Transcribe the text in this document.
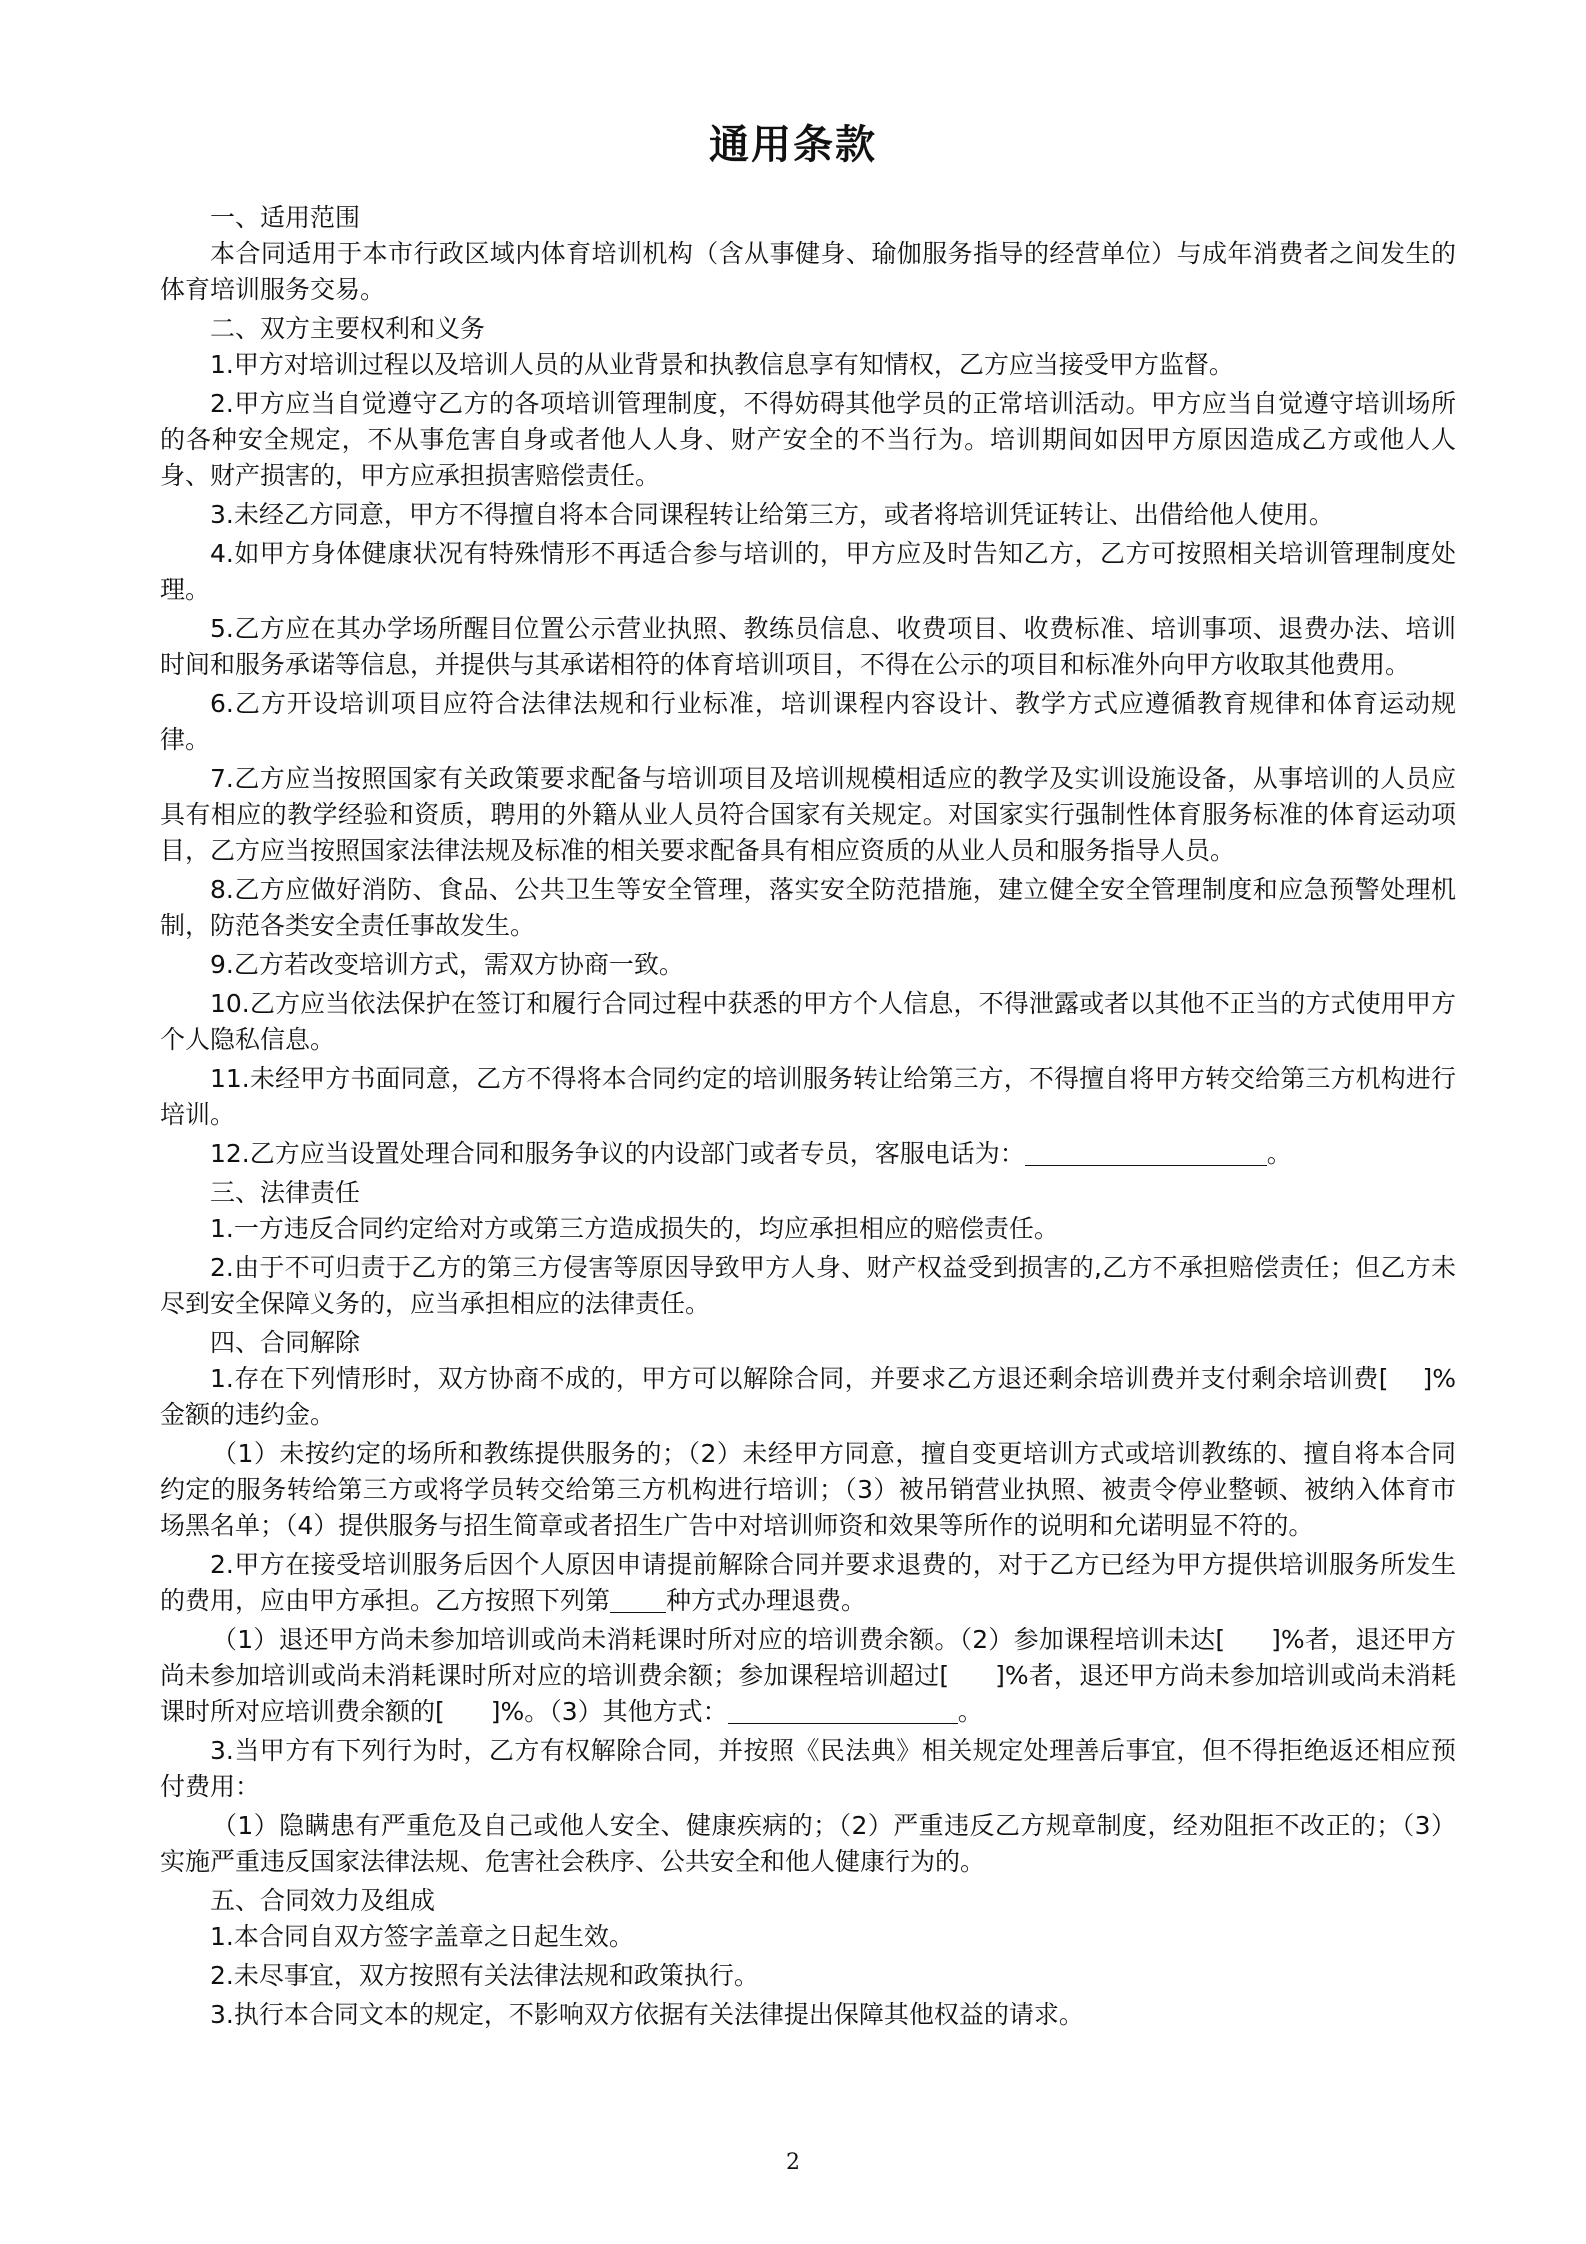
通用条款

一、适用范围

本合同适用于本市行政区域内体育培训机构（含从事健身、瑜伽服务指导的经营单位）与成年消费者之间发生的体育培训服务交易。

二、双方主要权利和义务

1.甲方对培训过程以及培训人员的从业背景和执教信息享有知情权，乙方应当接受甲方监督。

2.甲方应当自觉遵守乙方的各项培训管理制度，不得妨碍其他学员的正常培训活动。甲方应当自觉遵守培训场所的各种安全规定，不从事危害自身或者他人人身、财产安全的不当行为。培训期间如因甲方原因造成乙方或他人人身、财产损害的，甲方应承担损害赔偿责任。

3.未经乙方同意，甲方不得擅自将本合同课程转让给第三方，或者将培训凭证转让、出借给他人使用。

4.如甲方身体健康状况有特殊情形不再适合参与培训的，甲方应及时告知乙方，乙方可按照相关培训管理制度处理。

5.乙方应在其办学场所醒目位置公示营业执照、教练员信息、收费项目、收费标准、培训事项、退费办法、培训时间和服务承诺等信息，并提供与其承诺相符的体育培训项目，不得在公示的项目和标准外向甲方收取其他费用。

6.乙方开设培训项目应符合法律法规和行业标准，培训课程内容设计、教学方式应遵循教育规律和体育运动规律。

7.乙方应当按照国家有关政策要求配备与培训项目及培训规模相适应的教学及实训设施设备，从事培训的人员应具有相应的教学经验和资质，聘用的外籍从业人员符合国家有关规定。对国家实行强制性体育服务标准的体育运动项目，乙方应当按照国家法律法规及标准的相关要求配备具有相应资质的从业人员和服务指导人员。

8.乙方应做好消防、食品、公共卫生等安全管理，落实安全防范措施，建立健全安全管理制度和应急预警处理机制，防范各类安全责任事故发生。

9.乙方若改变培训方式，需双方协商一致。

10.乙方应当依法保护在签订和履行合同过程中获悉的甲方个人信息，不得泄露或者以其他不正当的方式使用甲方个人隐私信息。

11.未经甲方书面同意，乙方不得将本合同约定的培训服务转让给第三方，不得擅自将甲方转交给第三方机构进行培训。

12.乙方应当设置处理合同和服务争议的内设部门或者专员，客服电话为：	。

三、法律责任

1.一方违反合同约定给对方或第三方造成损失的，均应承担相应的赔偿责任。

2.由于不可归责于乙方的第三方侵害等原因导致甲方人身、财产权益受到损害的,乙方不承担赔偿责任；但乙方未尽到安全保障义务的，应当承担相应的法律责任。

四、合同解除

1.存在下列情形时，双方协商不成的，甲方可以解除合同，并要求乙方退还剩余培训费并支付剩余培训费[ ]%金额的违约金。

（1）未按约定的场所和教练提供服务的；（2）未经甲方同意，擅自变更培训方式或培训教练的、擅自将本合同约定的服务转给第三方或将学员转交给第三方机构进行培训；（3）被吊销营业执照、被责令停业整顿、被纳入体育市场黑名单；（4）提供服务与招生简章或者招生广告中对培训师资和效果等所作的说明和允诺明显不符的。

2.甲方在接受培训服务后因个人原因申请提前解除合同并要求退费的，对于乙方已经为甲方提供培训服务所发生的费用，应由甲方承担。乙方按照下列第 种方式办理退费。

（1）退还甲方尚未参加培训或尚未消耗课时所对应的培训费余额。（2）参加课程培训未达[ ]%者，退还甲方尚未参加培训或尚未消耗课时所对应的培训费余额；参加课程培训超过[ ]%者，退还甲方尚未参加培训或尚未消耗课时所对应培训费余额的[ ]%。（3）其他方式：	。

3.当甲方有下列行为时，乙方有权解除合同，并按照《民法典》相关规定处理善后事宜，但不得拒绝返还相应预付费用：

（1）隐瞒患有严重危及自己或他人安全、健康疾病的；（2）严重违反乙方规章制度，经劝阻拒不改正的；（3）实施严重违反国家法律法规、危害社会秩序、公共安全和他人健康行为的。

五、合同效力及组成

1.本合同自双方签字盖章之日起生效。

2.未尽事宜，双方按照有关法律法规和政策执行。

3.执行本合同文本的规定，不影响双方依据有关法律提出保障其他权益的请求。

2
